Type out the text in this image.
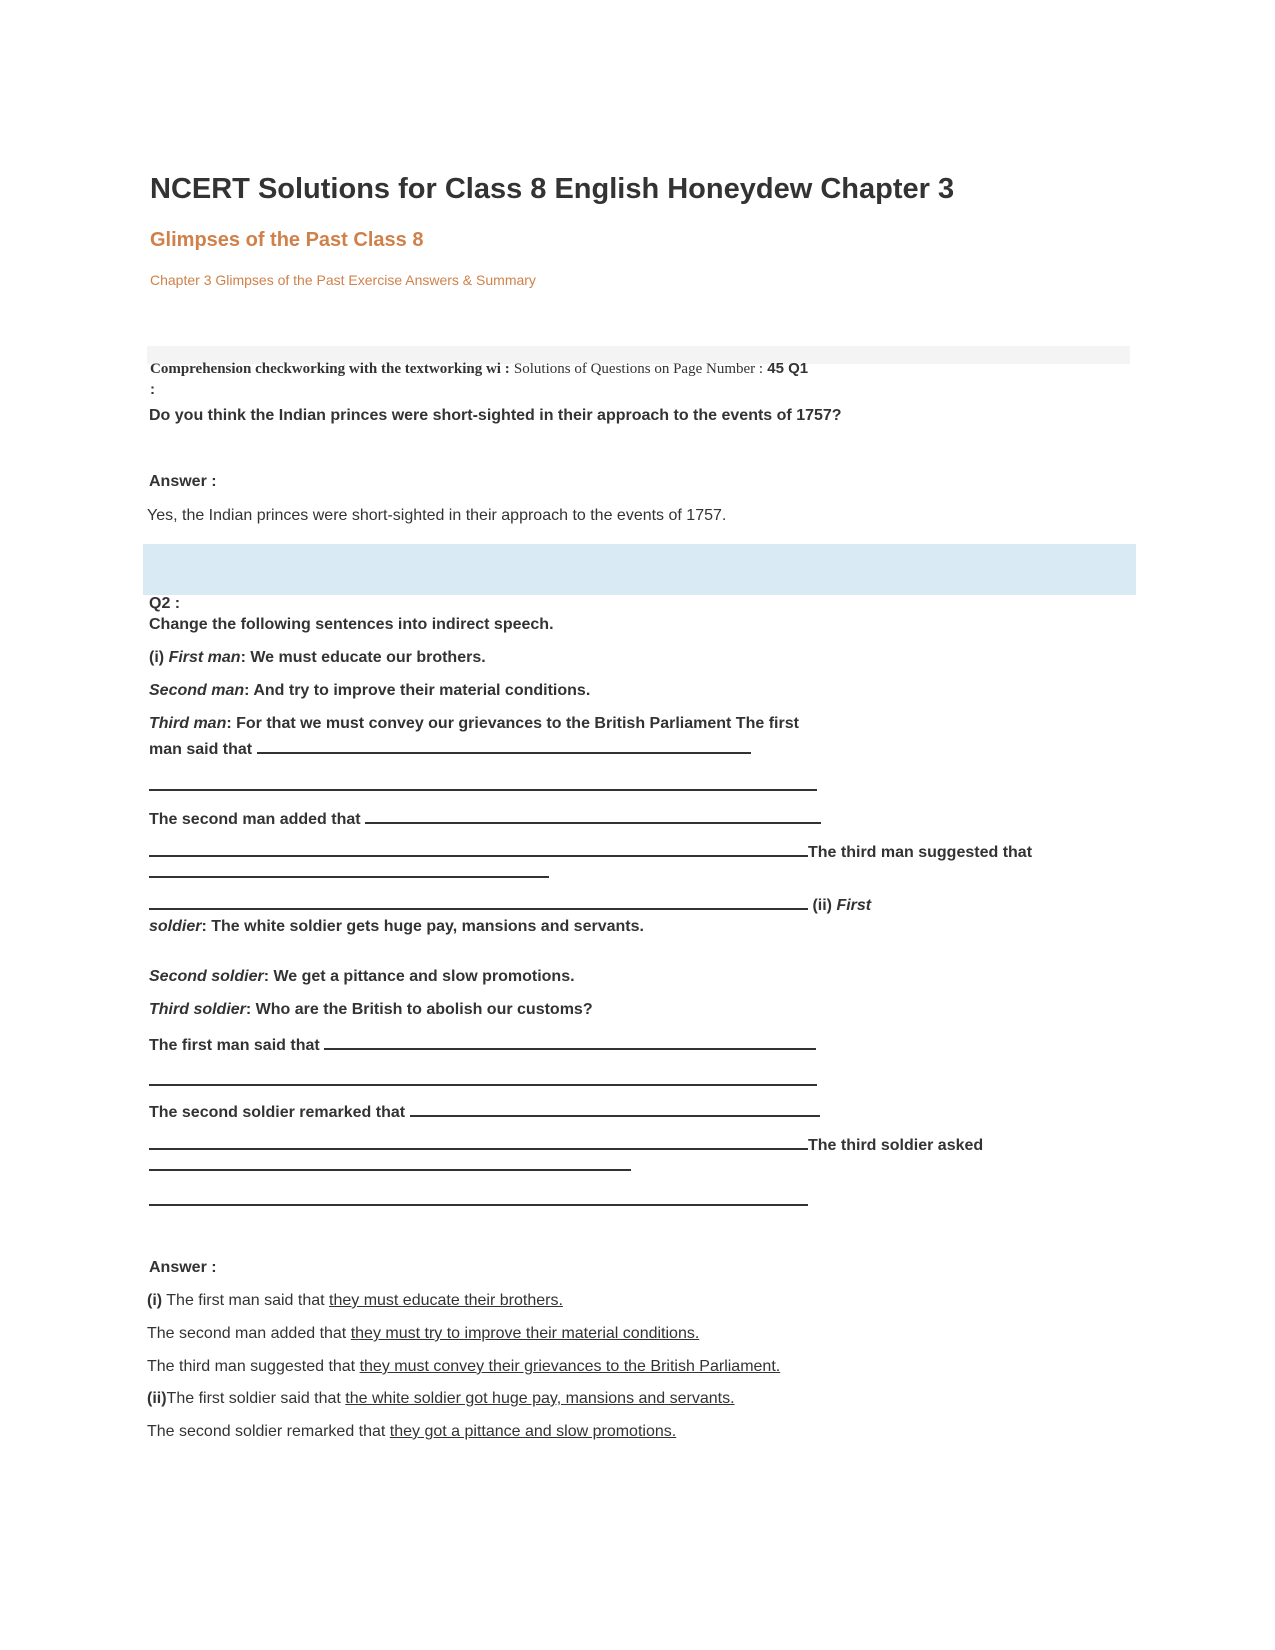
NCERT Solutions for Class 8 English Honeydew Chapter 3
Glimpses of the Past Class 8
Chapter 3 Glimpses of the Past Exercise Answers & Summary
Comprehension checkworking with the textworking wi : Solutions of Questions on Page Number : 45 Q1
:
Do you think the Indian princes were short-sighted in their approach to the events of 1757?
Answer :
Yes, the Indian princes were short-sighted in their approach to the events of 1757.
Q2 :
Change the following sentences into indirect speech.
(i) First man: We must educate our brothers.
Second man: And try to improve their material conditions.
Third man: For that we must convey our grievances to the British Parliament The first
man said that
The second man added that
The third man suggested that
(ii) First
soldier: The white soldier gets huge pay, mansions and servants.
Second soldier: We get a pittance and slow promotions.
Third soldier: Who are the British to abolish our customs?
The first man said that
The second soldier remarked that
The third soldier asked
Answer :
(i) The first man said that they must educate their brothers.
The second man added that they must try to improve their material conditions.
The third man suggested that they must convey their grievances to the British Parliament.
(ii)The first soldier said that the white soldier got huge pay, mansions and servants.
The second soldier remarked that they got a pittance and slow promotions.
